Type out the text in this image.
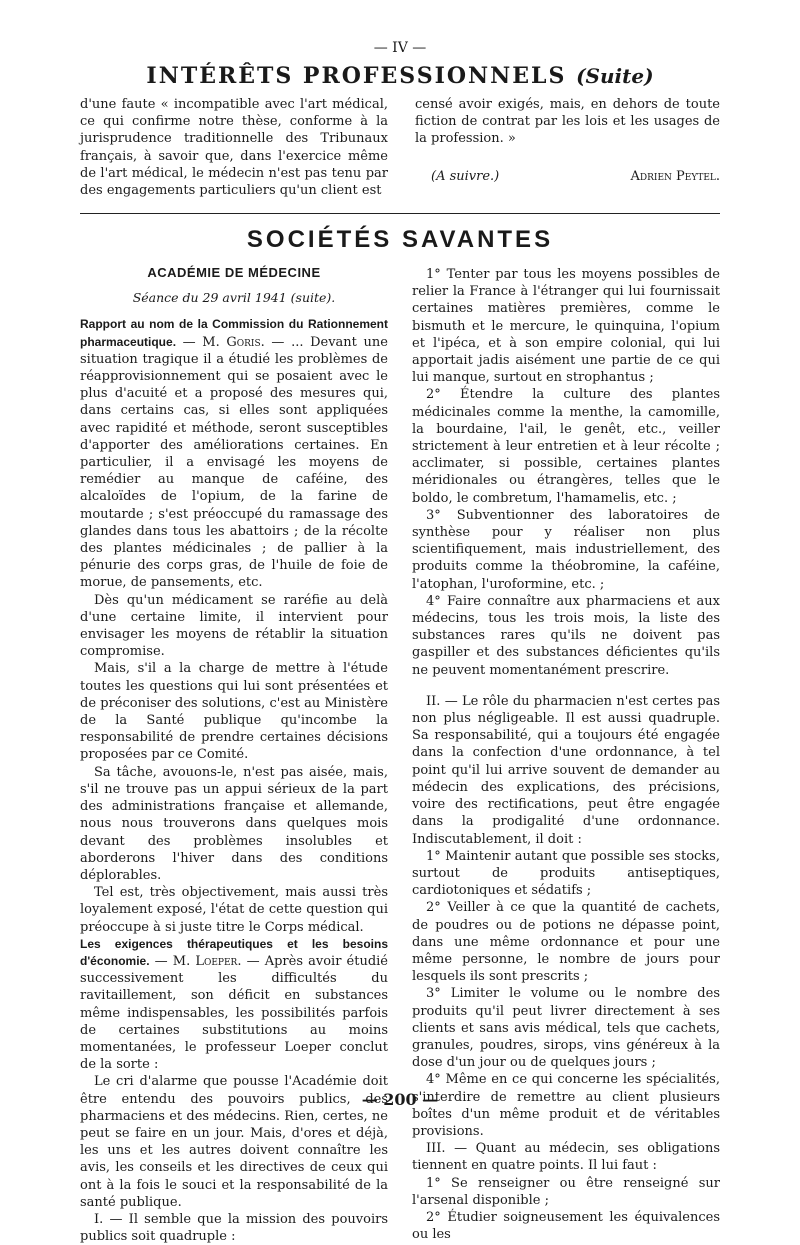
— IV —
INTÉRÊTS PROFESSIONNELS (Suite)

d'une faute « incompatible avec l'art médical, ce qui confirme notre thèse, conforme à la jurisprudence traditionnelle des Tribunaux français, à savoir que, dans l'exercice même de l'art médical, le médecin n'est pas tenu par des engagements particuliers qu'un client est

censé avoir exigés, mais, en dehors de toute fiction de contrat par les lois et les usages de la profession. »

(A suivre.)	Adrien Peytel.
SOCIÉTÉS SAVANTES
ACADÉMIE DE MÉDECINE
Séance du 29 avril 1941 (suite).

Rapport au nom de la Commission du Rationnement pharmaceutique. — M. Goris. — ... Devant une situation tragique il a étudié les problèmes de réapprovisionnement qui se posaient avec le plus d'acuité et a proposé des mesures qui, dans certains cas, si elles sont appliquées avec rapidité et méthode, seront susceptibles d'apporter des améliorations certaines. En particulier, il a envisagé les moyens de remédier au manque de caféine, des alcaloïdes de l'opium, de la farine de moutarde ; s'est préoccupé du ramassage des glandes dans tous les abattoirs ; de la récolte des plantes médicinales ; de pallier à la pénurie des corps gras, de l'huile de foie de morue, de pansements, etc.

Dès qu'un médicament se raréfie au delà d'une certaine limite, il intervient pour envisager les moyens de rétablir la situation compromise.

Mais, s'il a la charge de mettre à l'étude toutes les questions qui lui sont présentées et de préconiser des solutions, c'est au Ministère de la Santé publique qu'incombe la responsabilité de prendre certaines décisions proposées par ce Comité.

Sa tâche, avouons-le, n'est pas aisée, mais, s'il ne trouve pas un appui sérieux de la part des administrations française et allemande, nous nous trouverons dans quelques mois devant des problèmes insolubles et aborderons l'hiver dans des conditions déplorables.

Tel est, très objectivement, mais aussi très loyalement exposé, l'état de cette question qui préoccupe à si juste titre le Corps médical.

Les exigences thérapeutiques et les besoins d'économie. — M. Loeper. — Après avoir étudié successivement les difficultés du ravitaillement, son déficit en substances même indispensables, les possibilités parfois de certaines substitutions au moins momentanées, le professeur Loeper conclut de la sorte :

Le cri d'alarme que pousse l'Académie doit être entendu des pouvoirs publics, des pharmaciens et des médecins. Rien, certes, ne peut se faire en un jour. Mais, d'ores et déjà, les uns et les autres doivent connaître les avis, les conseils et les directives de ceux qui ont à la fois le souci et la responsabilité de la santé publique.

I. — Il semble que la mission des pouvoirs publics soit quadruple :

1° Tenter par tous les moyens possibles de relier la France à l'étranger qui lui fournissait certaines matières premières, comme le bismuth et le mercure, le quinquina, l'opium et l'ipéca, et à son empire colonial, qui lui apportait jadis aisément une partie de ce qui lui manque, surtout en strophantus ;

2° Étendre la culture des plantes médicinales comme la menthe, la camomille, la bourdaine, l'ail, le genêt, etc., veiller strictement à leur entretien et à leur récolte ; acclimater, si possible, certaines plantes méridionales ou étrangères, telles que le boldo, le combretum, l'hamamelis, etc. ;

3° Subventionner des laboratoires de synthèse pour y réaliser non plus scientifiquement, mais industriellement, des produits comme la théobromine, la caféine, l'atophan, l'uroformine, etc. ;

4° Faire connaître aux pharmaciens et aux médecins, tous les trois mois, la liste des substances rares qu'ils ne doivent pas gaspiller et des substances déficientes qu'ils ne peuvent momentanément prescrire.

II. — Le rôle du pharmacien n'est certes pas non plus négligeable. Il est aussi quadruple. Sa responsabilité, qui a toujours été engagée dans la confection d'une ordonnance, à tel point qu'il lui arrive souvent de demander au médecin des explications, des précisions, voire des rectifications, peut être engagée dans la prodigalité d'une ordonnance. Indiscutablement, il doit :

1° Maintenir autant que possible ses stocks, surtout de produits antiseptiques, cardiotoniques et sédatifs ;

2° Veiller à ce que la quantité de cachets, de poudres ou de potions ne dépasse point, dans une même ordonnance et pour une même personne, le nombre de jours pour lesquels ils sont prescrits ;

3° Limiter le volume ou le nombre des produits qu'il peut livrer directement à ses clients et sans avis médical, tels que cachets, granules, poudres, sirops, vins généreux à la dose d'un jour ou de quelques jours ;

4° Même en ce qui concerne les spécialités, s'interdire de remettre au client plusieurs boîtes d'un même produit et de véritables provisions.

III. — Quant au médecin, ses obligations tiennent en quatre points. Il lui faut :

1° Se renseigner ou être renseigné sur l'arsenal disponible ;

2° Étudier soigneusement les équivalences ou les

— 200 —
